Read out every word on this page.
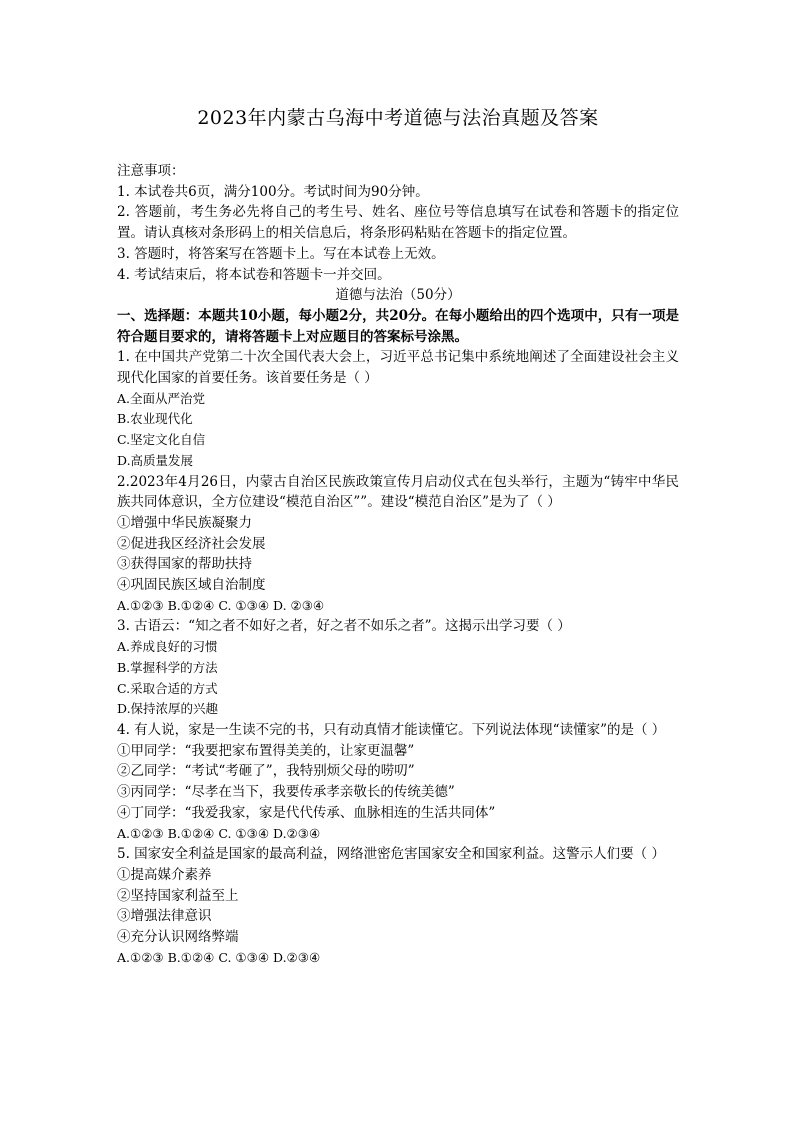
2023年内蒙古乌海中考道德与法治真题及答案
注意事项：
1. 本试卷共6页，满分100分。考试时间为90分钟。
2. 答题前，考生务必先将自己的考生号、姓名、座位号等信息填写在试卷和答题卡的指定位置。请认真核对条形码上的相关信息后，将条形码粘贴在答题卡的指定位置。
3. 答题时，将答案写在答题卡上。写在本试卷上无效。
4. 考试结束后，将本试卷和答题卡一并交回。
道德与法治（50分）
一、选择题：本题共10小题，每小题2分，共20分。在每小题给出的四个选项中，只有一项是符合题目要求的，请将答题卡上对应题目的答案标号涂黑。
1. 在中国共产党第二十次全国代表大会上，习近平总书记集中系统地阐述了全面建设社会主义现代化国家的首要任务。该首要任务是（ ）
A.全面从严治党
B.农业现代化
C.坚定文化自信
D.高质量发展
2.2023年4月26日，内蒙古自治区民族政策宣传月启动仪式在包头举行，主题为“铸牢中华民族共同体意识，全方位建设“模范自治区””。建设“模范自治区”是为了（ ）
①增强中华民族凝聚力
②促进我区经济社会发展
③获得国家的帮助扶持
④巩固民族区域自治制度
A.①②③ B.①②④ C. ①③④ D. ②③④
3. 古语云：“知之者不如好之者，好之者不如乐之者”。这揭示出学习要（ ）
A.养成良好的习惯
B.掌握科学的方法
C.采取合适的方式
D.保持浓厚的兴趣
4. 有人说，家是一生读不完的书，只有动真情才能读懂它。下列说法体现“读懂家”的是（ ）
①甲同学：“我要把家布置得美美的，让家更温馨”
②乙同学：“考试“考砸了”，我特别烦父母的唠叨”
③丙同学：“尽孝在当下，我要传承孝亲敬长的传统美德”
④丁同学：“我爱我家，家是代代传承、血脉相连的生活共同体”
A.①②③ B.①②④ C. ①③④ D.②③④
5. 国家安全利益是国家的最高利益，网络泄密危害国家安全和国家利益。这警示人们要（ ）
①提高媒介素养
②坚持国家利益至上
③增强法律意识
④充分认识网络弊端
A.①②③ B.①②④ C. ①③④ D.②③④
